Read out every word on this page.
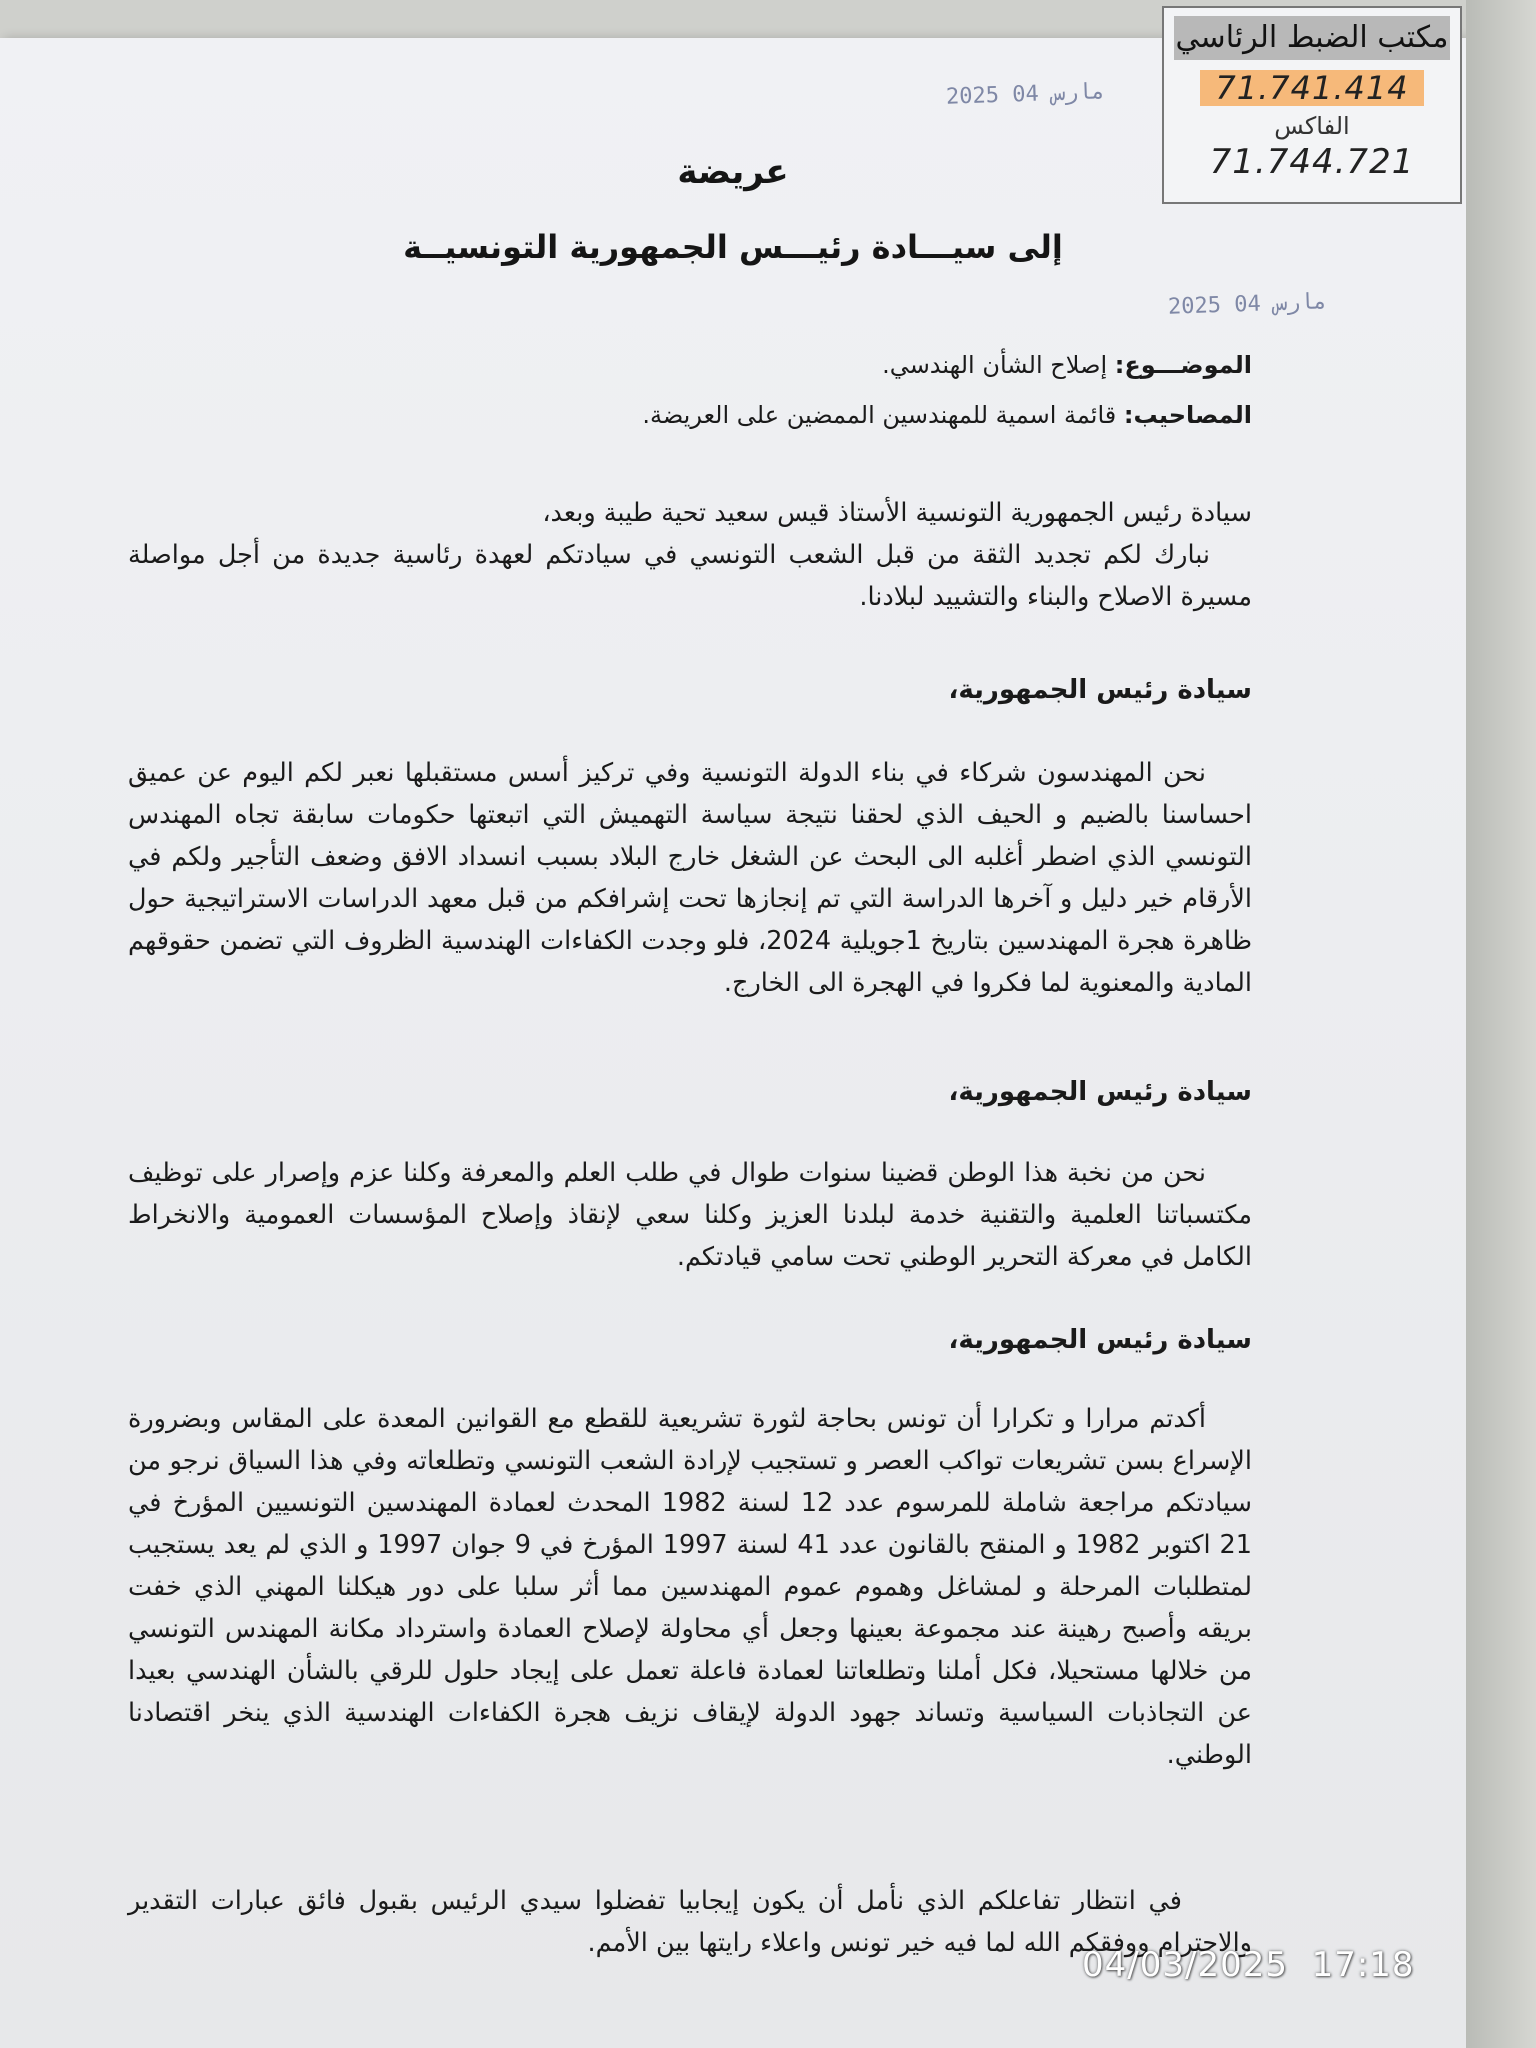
مكتب الضبط الرئاسي
71.741.414
الفاكس
71.744.721
2025 مارس 04
2025 مارس 04
عريضة
إلى سيـــادة رئيـــس الجمهورية التونسيــة
الموضـــوع: إصلاح الشأن الهندسي.
المصاحيب: قائمة اسمية للمهندسين الممضين على العريضة.

سيادة رئيس الجمهورية التونسية الأستاذ قيس سعيد تحية طيبة وبعد،

نبارك لكم تجديد الثقة من قبل الشعب التونسي في سيادتكم لعهدة رئاسية جديدة من أجل مواصلة مسيرة الاصلاح والبناء والتشييد لبلادنا.

سيادة رئيس الجمهورية،

نحن المهندسون شركاء في بناء الدولة التونسية وفي تركيز أسس مستقبلها نعبر لكم اليوم عن عميق احساسنا بالضيم و الحيف الذي لحقنا نتيجة سياسة التهميش التي اتبعتها حكومات سابقة تجاه المهندس التونسي الذي اضطر أغلبه الى البحث عن الشغل خارج البلاد بسبب انسداد الافق وضعف التأجير ولكم في الأرقام خير دليل و آخرها الدراسة التي تم إنجازها تحت إشرافكم من قبل معهد الدراسات الاستراتيجية حول ظاهرة هجرة المهندسين بتاريخ 1جويلية 2024، فلو وجدت الكفاءات الهندسية الظروف التي تضمن حقوقهم المادية والمعنوية لما فكروا في الهجرة الى الخارج.

سيادة رئيس الجمهورية،

نحن من نخبة هذا الوطن قضينا سنوات طوال في طلب العلم والمعرفة وكلنا عزم وإصرار على توظيف مكتسباتنا العلمية والتقنية خدمة لبلدنا العزيز وكلنا سعي لإنقاذ وإصلاح المؤسسات العمومية والانخراط الكامل في معركة التحرير الوطني تحت سامي قيادتكم.

سيادة رئيس الجمهورية،

أكدتم مرارا و تكرارا أن تونس بحاجة لثورة تشريعية للقطع مع القوانين المعدة على المقاس وبضرورة الإسراع بسن تشريعات تواكب العصر و تستجيب لإرادة الشعب التونسي وتطلعاته وفي هذا السياق نرجو من سيادتكم مراجعة شاملة للمرسوم عدد 12 لسنة 1982 المحدث لعمادة المهندسين التونسيين المؤرخ في 21 اكتوبر 1982 و المنقح بالقانون عدد 41 لسنة 1997 المؤرخ في 9 جوان 1997 و الذي لم يعد يستجيب لمتطلبات المرحلة و لمشاغل وهموم عموم المهندسين مما أثر سلبا على دور هيكلنا المهني الذي خفت بريقه وأصبح رهينة عند مجموعة بعينها وجعل أي محاولة لإصلاح العمادة واسترداد مكانة المهندس التونسي من خلالها مستحيلا، فكل أملنا وتطلعاتنا لعمادة فاعلة تعمل على إيجاد حلول للرقي بالشأن الهندسي بعيدا عن التجاذبات السياسية وتساند جهود الدولة لإيقاف نزيف هجرة الكفاءات الهندسية الذي ينخر اقتصادنا الوطني.

في انتظار تفاعلكم الذي نأمل أن يكون إيجابيا تفضلوا سيدي الرئيس بقبول فائق عبارات التقدير والاحترام ووفقكم الله لما فيه خير تونس واعلاء رايتها بين الأمم.

04/03/2025  17:18
